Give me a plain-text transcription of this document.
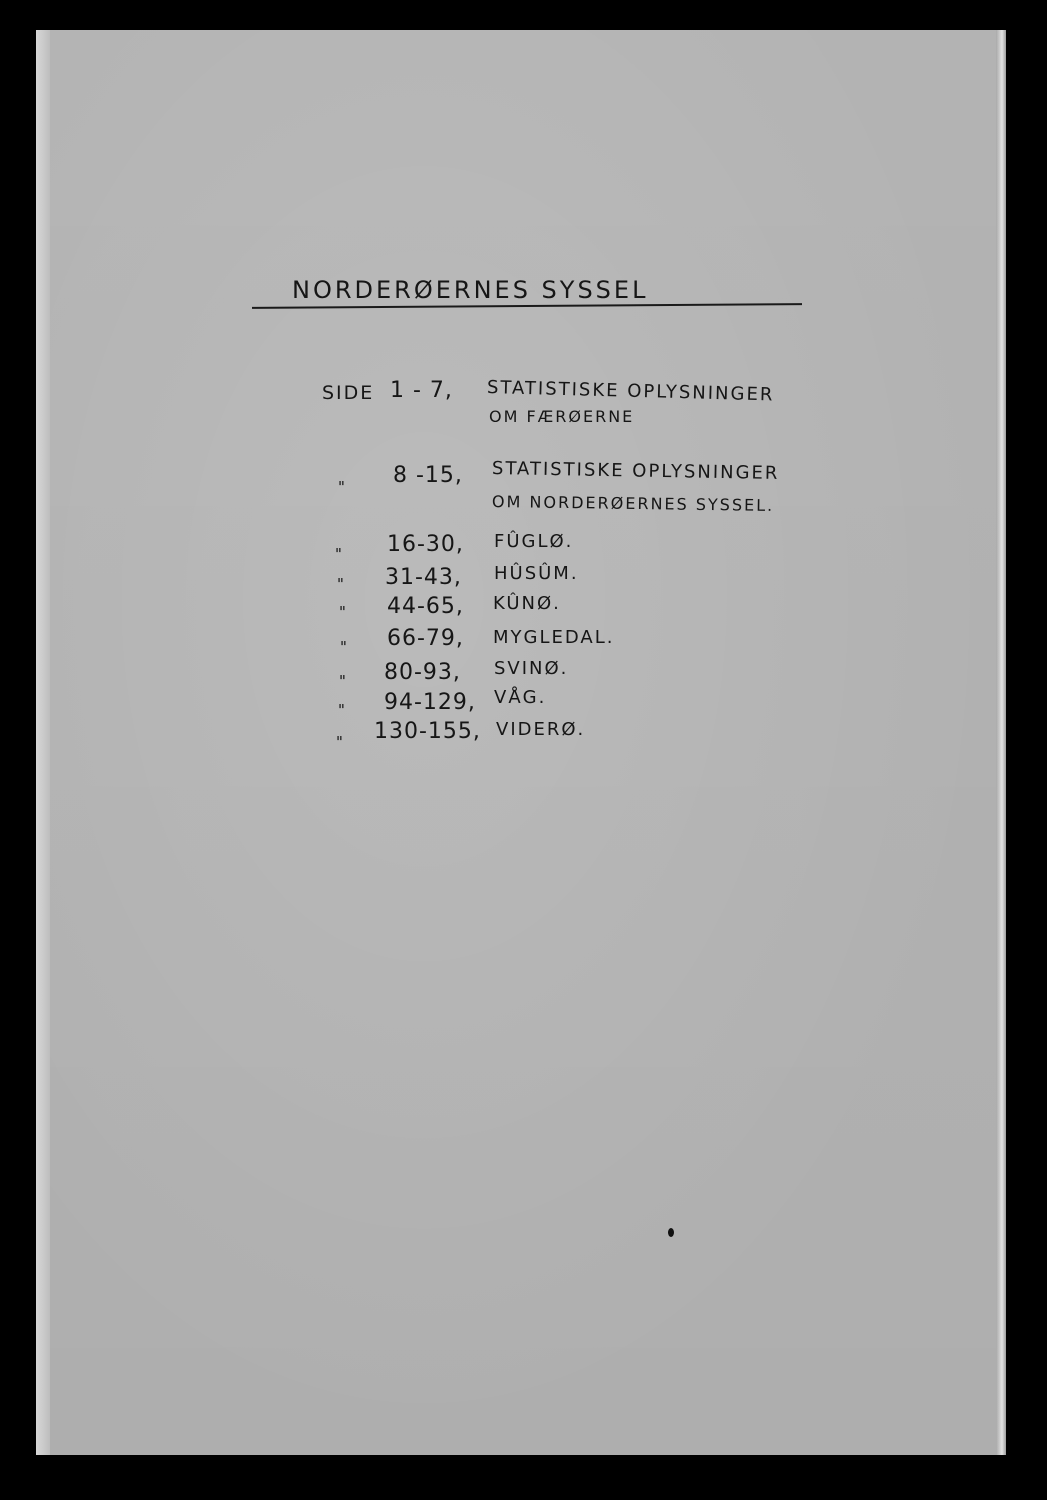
NORDERØERNES SYSSEL
SIDE 1 - 7, STATISTISKE OPLYSNINGER
OM FÆRØERNE
" 8 -15, STATISTISKE OPLYSNINGER
OM NORDERØERNES SYSSEL.
" 16-30, FÛGLØ.
" 31-43, HÛSÛM.
" 44-65, KÛNØ.
" 66-79, MYGLEDAL.
" 80-93, SVINØ.
" 94-129, VÅG.
" 130-155, VIDERØ.
